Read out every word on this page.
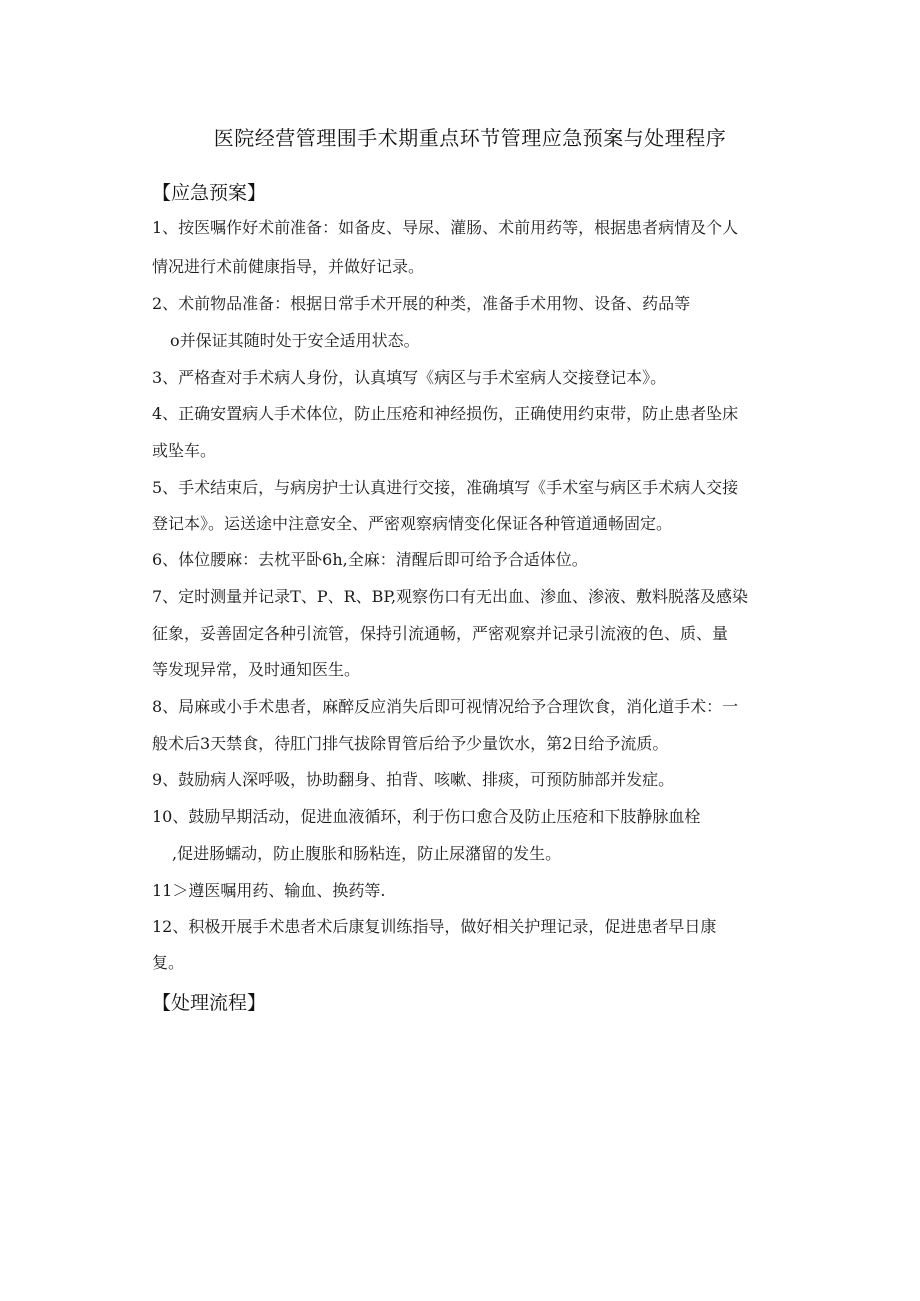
医院经营管理围手术期重点环节管理应急预案与处理程序
【应急预案】
1、按医嘱作好术前准备：如备皮、导尿、灌肠、术前用药等，根据患者病情及个人
情况进行术前健康指导，并做好记录。
2、术前物品准备：根据日常手术开展的种类，准备手术用物、设备、药品等
o并保证其随时处于安全适用状态。
3、严格查对手术病人身份，认真填写《病区与手术室病人交接登记本》。
4、正确安置病人手术体位，防止压疮和神经损伤，正确使用约束带，防止患者坠床
或坠车。
5、手术结束后，与病房护士认真进行交接，准确填写《手术室与病区手术病人交接
登记本》。运送途中注意安全、严密观察病情变化保证各种管道通畅固定。
6、体位腰麻：去枕平卧6h,全麻：清醒后即可给予合适体位。
7、定时测量并记录T、P、R、BP,观察伤口有无出血、渗血、渗液、敷料脱落及感染
征象，妥善固定各种引流管，保持引流通畅，严密观察并记录引流液的色、质、量
等发现异常，及时通知医生。
8、局麻或小手术患者，麻醉反应消失后即可视情况给予合理饮食，消化道手术：一
般术后3天禁食，待肛门排气拔除胃管后给予少量饮水，第2日给予流质。
9、鼓励病人深呼吸，协助翻身、拍背、咳嗽、排痰，可预防肺部并发症。
10、鼓励早期活动，促进血液循环，利于伤口愈合及防止压疮和下肢静脉血栓
,促进肠蠕动，防止腹胀和肠粘连，防止尿潴留的发生。
11＞遵医嘱用药、输血、换药等.
12、积极开展手术患者术后康复训练指导，做好相关护理记录，促进患者早日康
复。
【处理流程】
